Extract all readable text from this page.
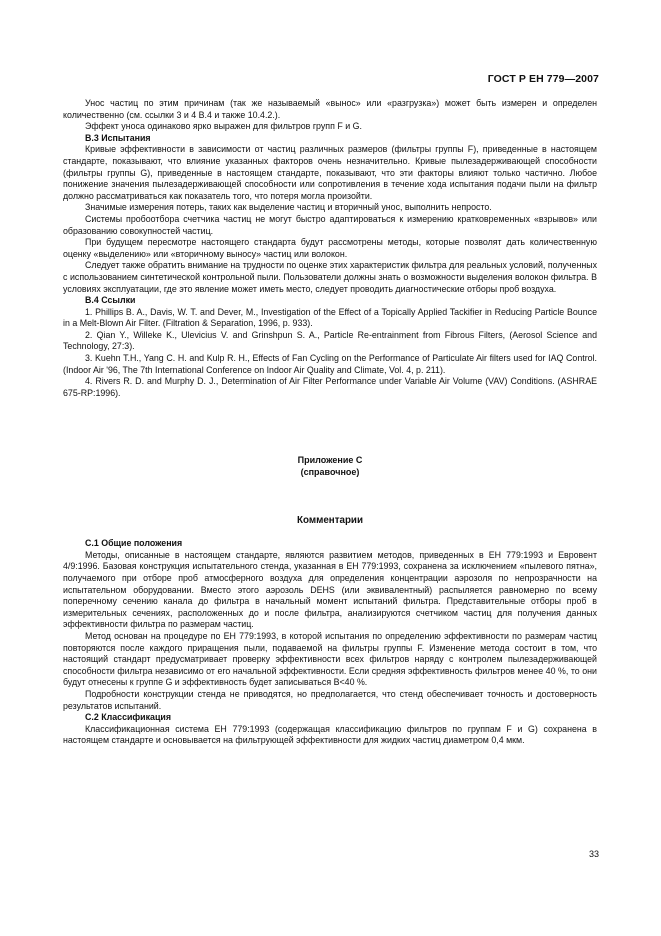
ГОСТ Р ЕН 779—2007

Унос частиц по этим причинам (так же называемый «вынос» или «разгрузка») может быть измерен и определен количественно (см. ссылки 3 и 4 В.4 и также 10.4.2.).

Эффект уноса одинаково ярко выражен для фильтров групп F и G.

В.3 Испытания

Кривые эффективности в зависимости от частиц различных размеров (фильтры группы F), приведенные в настоящем стандарте, показывают, что влияние указанных факторов очень незначительно. Кривые пылезадерживающей способности (фильтры группы G), приведенные в настоящем стандарте, показывают, что эти факторы влияют только частично. Любое понижение значения пылезадерживающей способности или сопротивления в течение хода испытания подачи пыли на фильтр должно рассматриваться как показатель того, что потеря могла произойти.

Значимые измерения потерь, таких как выделение частиц и вторичный унос, выполнить непросто.

Системы пробоотбора счетчика частиц не могут быстро адаптироваться к измерению кратковременных «взрывов» или образованию совокупностей частиц.

При будущем пересмотре настоящего стандарта будут рассмотрены методы, которые позволят дать количественную оценку «выделению» или «вторичному выносу» частиц или волокон.

Следует также обратить внимание на трудности по оценке этих характеристик фильтра для реальных условий, полученных с использованием синтетической контрольной пыли. Пользователи должны знать о возможности выделения волокон фильтра. В условиях эксплуатации, где это явление может иметь место, следует проводить диагностические отборы проб воздуха.

В.4 Ссылки

1. Phillips B. A., Davis, W. T. and Dever, M., Investigation of the Effect of a Topically Applied Tackifier in Reducing Particle Bounce in a Melt-Blown Air Filter. (Filtration & Separation, 1996, p. 933).

2. Qian Y., Willeke K., Ulevicius V. and Grinshpun S. A., Particle Re-entrainment from Fibrous Filters, (Aerosol Science and Technology, 27:3).

3. Kuehn T.H., Yang C. H. and Kulp R. H., Effects of Fan Cycling on the Performance of Particulate Air filters used for IAQ Control. (Indoor Air '96, The 7th International Conference on Indoor Air Quality and Climate, Vol. 4, p. 211).

4. Rivers R. D. and Murphy D. J., Determination of Air Filter Performance under Variable Air Volume (VAV) Conditions. (ASHRAE 675-RP:1996).

Приложение С
(справочное)
Комментарии
С.1 Общие положения

Методы, описанные в настоящем стандарте, являются развитием методов, приведенных в ЕН 779:1993 и Евровент 4/9:1996. Базовая конструкция испытательного стенда, указанная в ЕН 779:1993, сохранена за исключением «пылевого пятна», получаемого при отборе проб атмосферного воздуха для определения концентрации аэрозоля по непрозрачности на испытательном оборудовании. Вместо этого аэрозоль DEHS (или эквивалентный) распыляется равномерно по всему поперечному сечению канала до фильтра в начальный момент испытаний фильтра. Представительные отборы проб в измерительных сечениях, расположенных до и после фильтра, анализируются счетчиком частиц для получения данных эффективности фильтра по размерам частиц.

Метод основан на процедуре по ЕН 779:1993, в которой испытания по определению эффективности по размерам частиц повторяются после каждого приращения пыли, подаваемой на фильтры группы F. Изменение метода состоит в том, что настоящий стандарт предусматривает проверку эффективности всех фильтров наряду с контролем пылезадерживающей способности фильтра независимо от его начальной эффективности. Если средняя эффективность фильтров менее 40 %, то они будут отнесены к группе G и эффективность будет записываться В<40 %.

Подробности конструкции стенда не приводятся, но предполагается, что стенд обеспечивает точность и достоверность результатов испытаний.

С.2 Классификация

Классификационная система ЕН 779:1993 (содержащая классификацию фильтров по группам F и G) сохранена в настоящем стандарте и основывается на фильтрующей эффективности для жидких частиц диаметром 0,4 мкм.

33
